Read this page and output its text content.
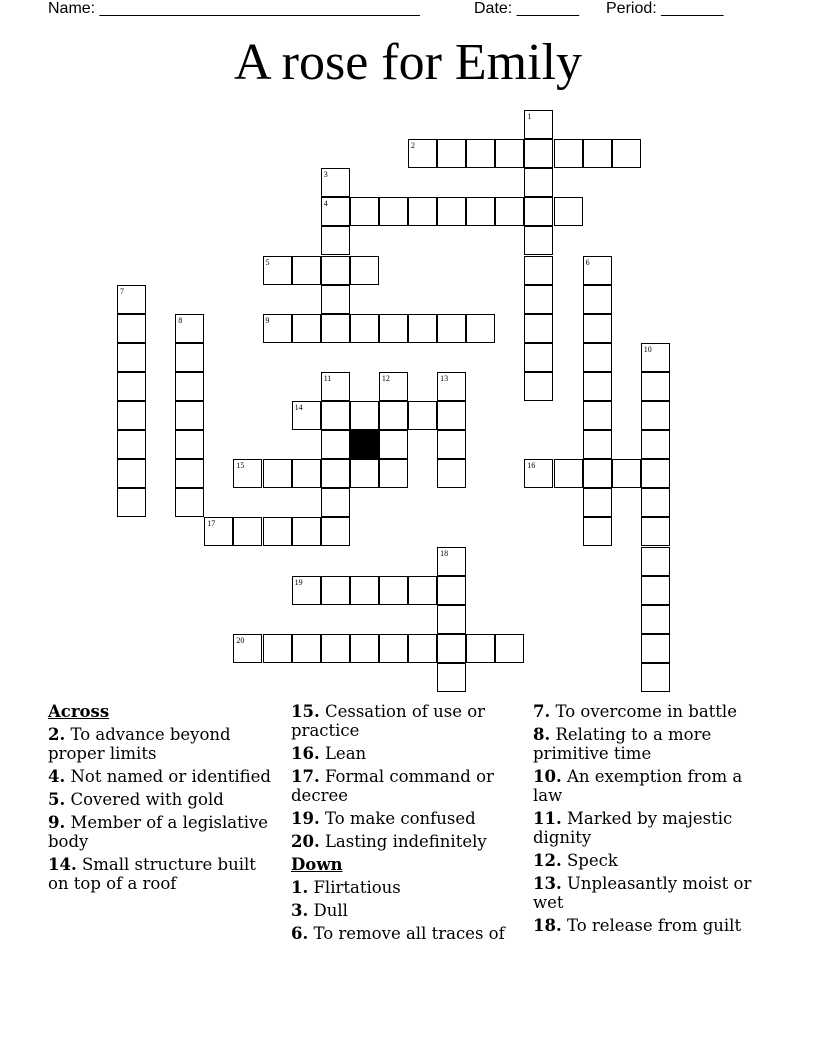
Name: ____________________________________	Date: _______ Period: _______
A rose for Emily
1
2
3
4
5	6
7
8	9
10
11	12	13
14
15	16
17
18
19
20
Across
2. To advance beyond proper limits
4. Not named or identified
5. Covered with gold
9. Member of a legislative body
14. Small structure built on top of a roof
15. Cessation of use or practice
16. Lean
17. Formal command or decree
19. To make confused
20. Lasting indefinitely
Down
1. Flirtatious
3. Dull
6. To remove all traces of
7. To overcome in battle
8. Relating to a more primitive time
10. An exemption from a law
11. Marked by majestic dignity
12. Speck
13. Unpleasantly moist or wet
18. To release from guilt
